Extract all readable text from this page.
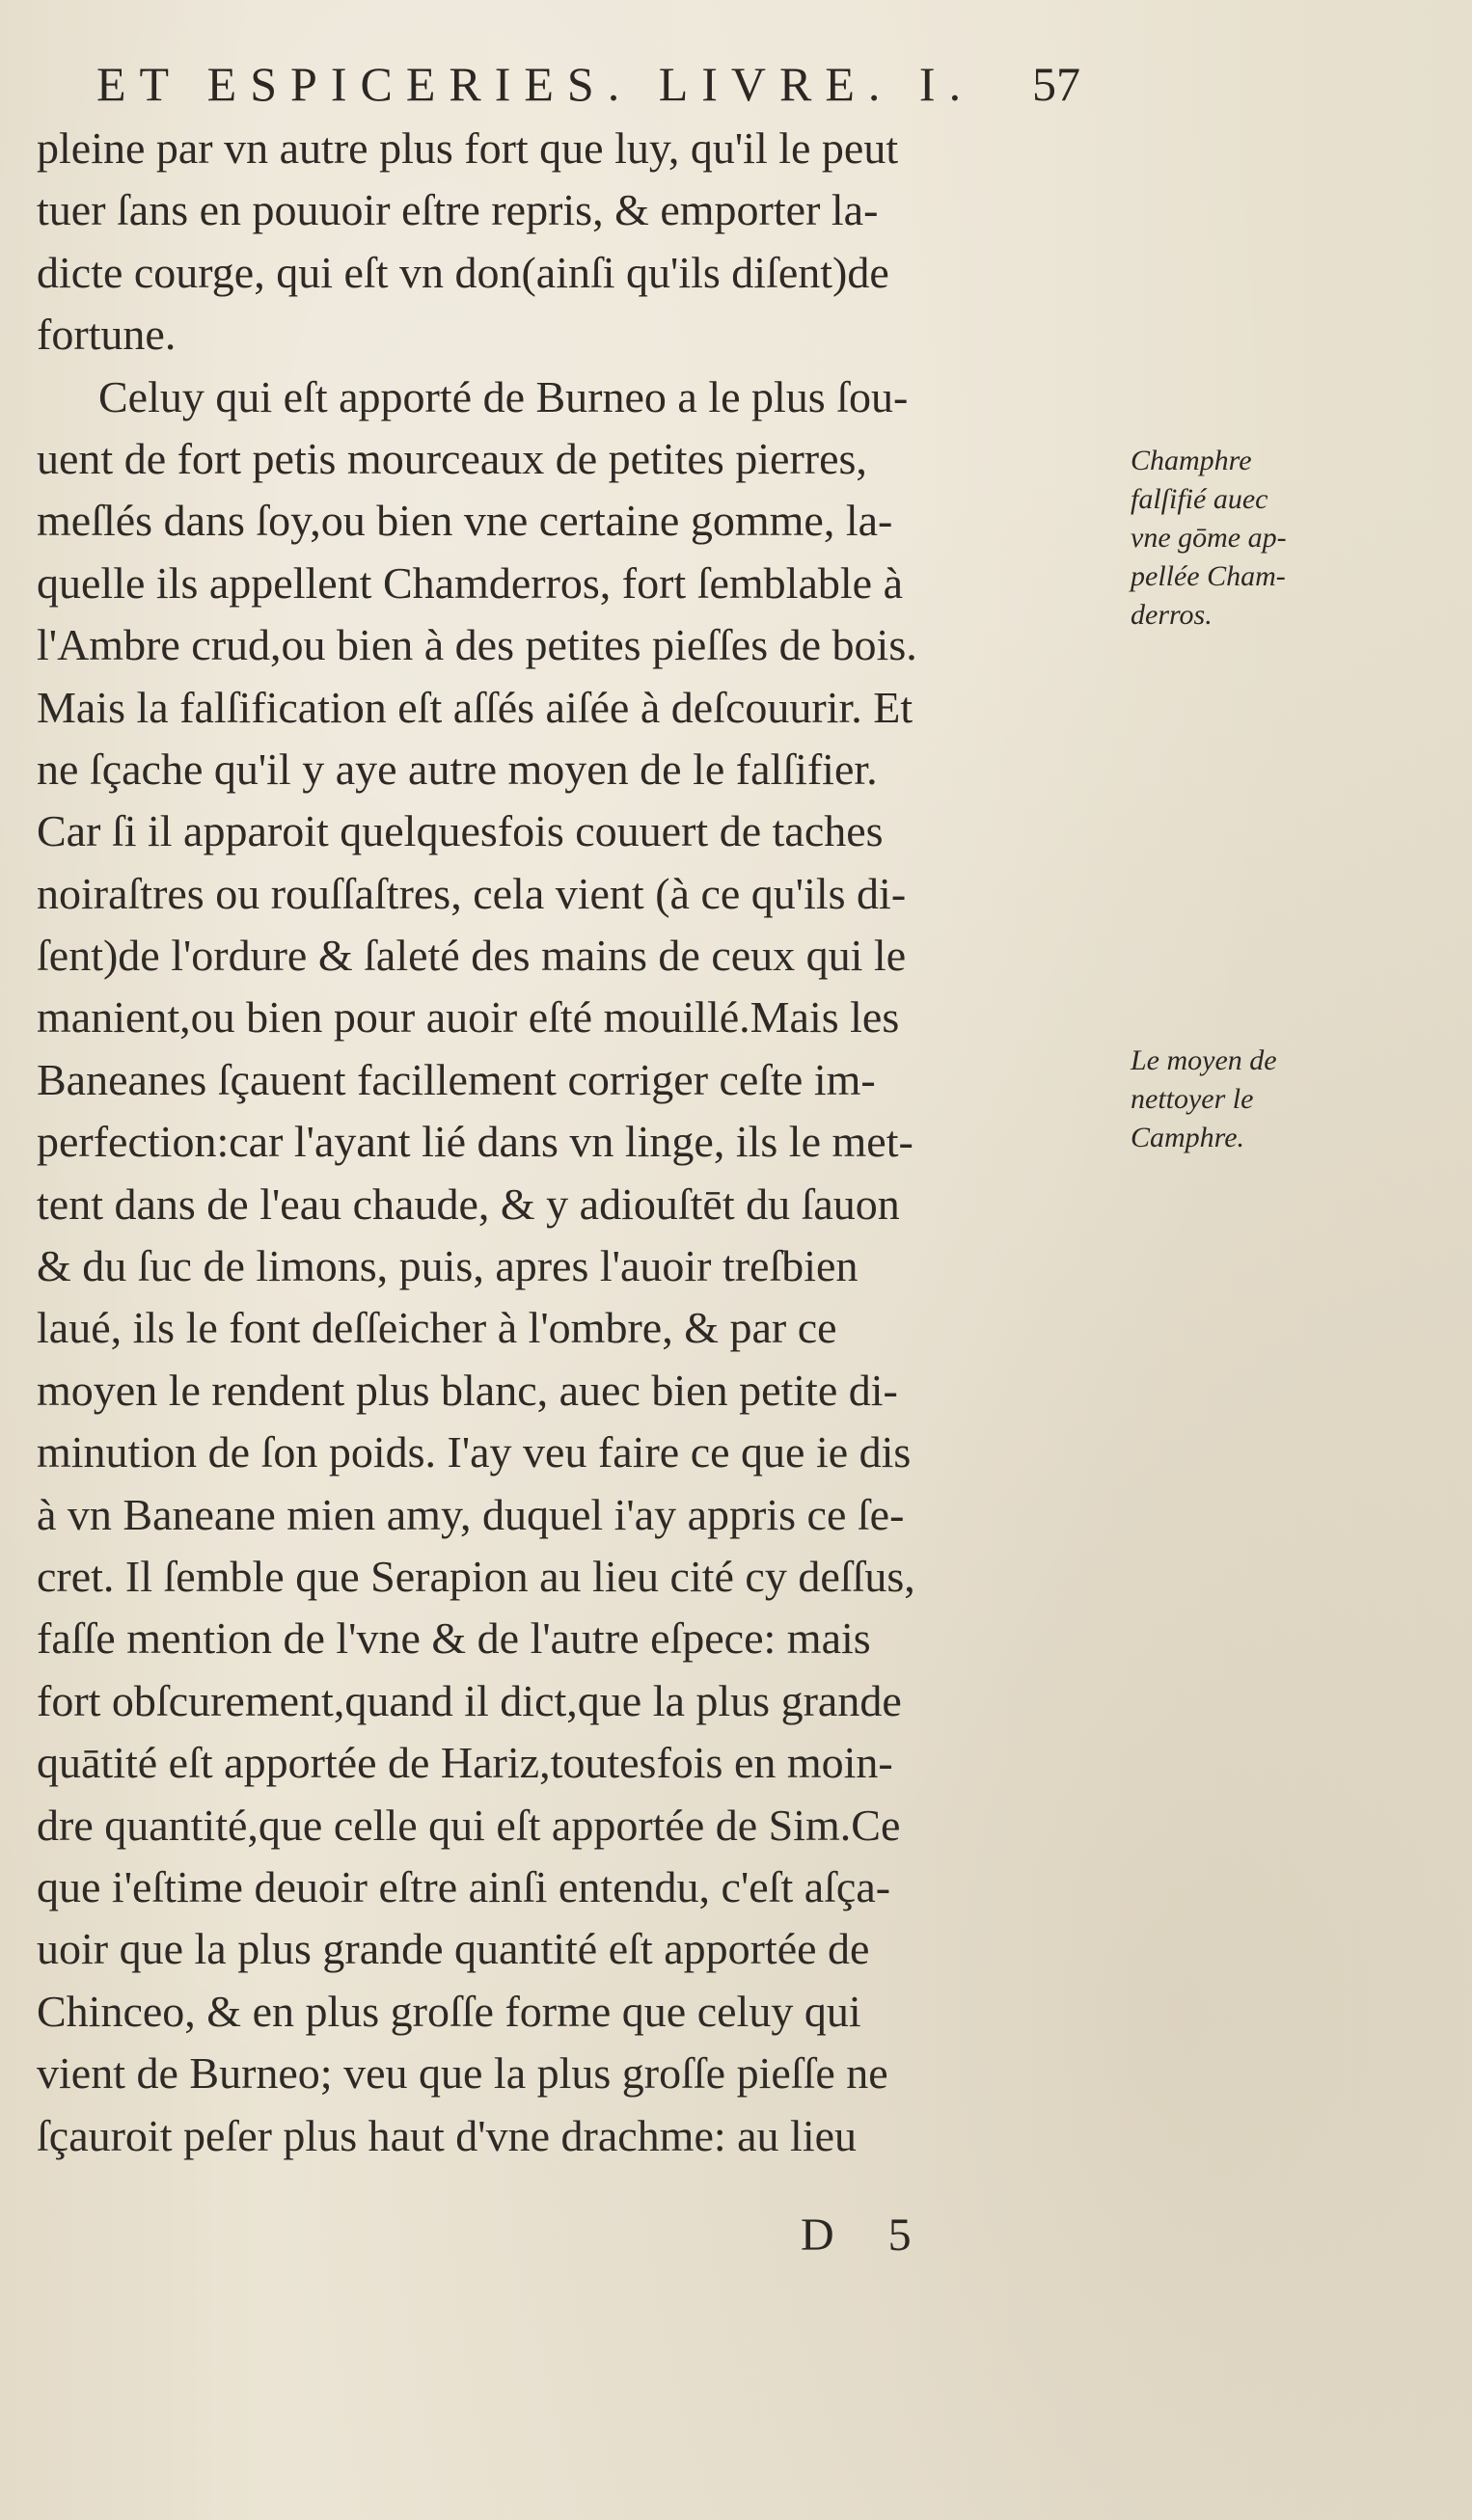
ET ESPICERIES. LIVRE. I.	57
pleine par vn autre plus fort que luy, qu'il le peut
tuer ſans en pouuoir eſtre repris, & emporter la-
dicte courge, qui eſt vn don(ainſi qu'ils diſent)de
fortune.
Celuy qui eſt apporté de Burneo a le plus ſou-
uent de fort petis mourceaux de petites pierres,
meſlés dans ſoy,ou bien vne certaine gomme, la-
quelle ils appellent Chamderros, fort ſemblable à
l'Ambre crud,ou bien à des petites pieſſes de bois.
Mais la falſification eſt aſſés aiſée à deſcouurir. Et
ne ſçache qu'il y aye autre moyen de le falſifier.
Car ſi il apparoit quelquesfois couuert de taches
noiraſtres ou rouſſaſtres, cela vient (à ce qu'ils di-
ſent)de l'ordure & ſaleté des mains de ceux qui le
manient,ou bien pour auoir eſté mouillé.Mais les
Baneanes ſçauent facillement corriger ceſte im-
perfection:car l'ayant lié dans vn linge, ils le met-
tent dans de l'eau chaude, & y adiouſtēt du ſauon
& du ſuc de limons, puis, apres l'auoir treſbien
laué, ils le font deſſeicher à l'ombre, & par ce
moyen le rendent plus blanc, auec bien petite di-
minution de ſon poids. I'ay veu faire ce que ie dis
à vn Baneane mien amy, duquel i'ay appris ce ſe-
cret. Il ſemble que Serapion au lieu cité cy deſſus,
faſſe mention de l'vne & de l'autre eſpece: mais
fort obſcurement,quand il dict,que la plus grande
quātité eſt apportée de Hariz,toutesfois en moin-
dre quantité,que celle qui eſt apportée de Sim.Ce
que i'eſtime deuoir eſtre ainſi entendu, c'eſt aſça-
uoir que la plus grande quantité eſt apportée de
Chinceo, & en plus groſſe forme que celuy qui
vient de Burneo; veu que la plus groſſe pieſſe ne
ſçauroit peſer plus haut d'vne drachme: au lieu
Champhre
falſifié auec
vne gōme ap-
pellée Cham-
derros.
Le moyen de
nettoyer le
Camphre.
D 5
